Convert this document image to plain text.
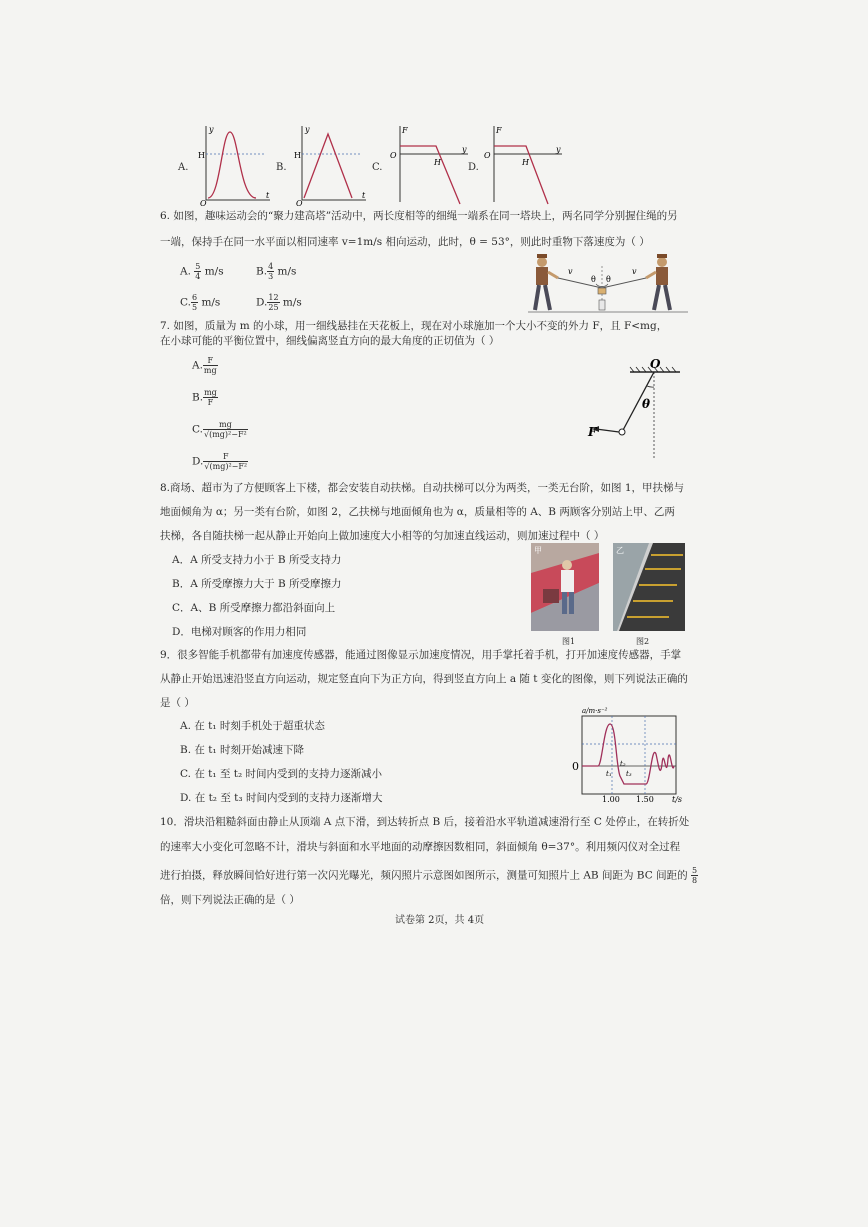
A.
H
y
t
O
B.
H
y
t
O
C.
F
y
O
H	D.
F
y
O
H
6. 如图，趣味运动会的“聚力建高塔”活动中，两长度相等的细绳一端系在同一塔块上，两名同学分别握住绳的另
一端，保持手在同一水平面以相同速率 v=1m/s 相向运动，此时，θ = 53°，则此时重物下落速度为（ ）
A. $\frac{5}{4} m/s$	B. $\frac{4}{3} m/s$
C. $\frac{6}{5} m/s$	D. $\frac{12}{25} m/s$
v	v
θ θ
7. 如图，质量为 m 的小球，用一细线悬挂在天花板上，现在对小球施加一个大小不变的外力 F，且 F<mg，
在小球可能的平衡位置中，细线偏离竖直方向的最大角度的正切值为（ ）
A. $\frac{F}{mg}$
B. $\frac{mg}{F}$
C. $\frac{mg}{\text{√(mg)²−F²}}$
D. $\frac{F}{\text{√(mg)²−F²}}$
O
θ
F
8.商场、超市为了方便顾客上下楼，都会安装自动扶梯。自动扶梯可以分为两类，一类无台阶，如图 1，甲扶梯与
地面倾角为 α；另一类有台阶，如图 2，乙扶梯与地面倾角也为 α，质量相等的 A、B 两顾客分别站上甲、乙两
扶梯，各自随扶梯一起从静止开始向上做加速度大小相等的匀加速直线运动，则加速过程中（ ）
A．A 所受支持力小于 B 所受支持力
B．A 所受摩擦力大于 B 所受摩擦力
C．A、B 所受摩擦力都沿斜面向上
D．电梯对顾客的作用力相同
甲	乙
图1	图2
9．很多智能手机都带有加速度传感器，能通过图像显示加速度情况，用手掌托着手机，打开加速度传感器，手掌
从静止开始迅速沿竖直方向运动，规定竖直向下为正方向，得到竖直方向上 a 随 t 变化的图像，则下列说法正确的
是（ ）
A. 在 t₁ 时刻手机处于超重状态
B. 在 t₁ 时刻开始减速下降
C. 在 t₁ 至 t₂ 时间内受到的支持力逐渐减小
D. 在 t₂ 至 t₃ 时间内受到的支持力逐渐增大
a/m·s⁻²
0
t₁
t₂
t₃
1.00 1.50 t/s
10．滑块沿粗糙斜面由静止从顶端 A 点下滑，到达转折点 B 后，接着沿水平轨道减速滑行至 C 处停止，在转折处
的速率大小变化可忽略不计，滑块与斜面和水平地面的动摩擦因数相同，斜面倾角 θ=37°。利用频闪仪对全过程
进行拍摄，释放瞬间恰好进行第一次闪光曝光，频闪照片示意图如图所示，测量可知照片上 AB 间距为 BC 间距的 $\frac{5}{8}$
倍，则下列说法正确的是（ ）
试卷第 2页，共 4页
